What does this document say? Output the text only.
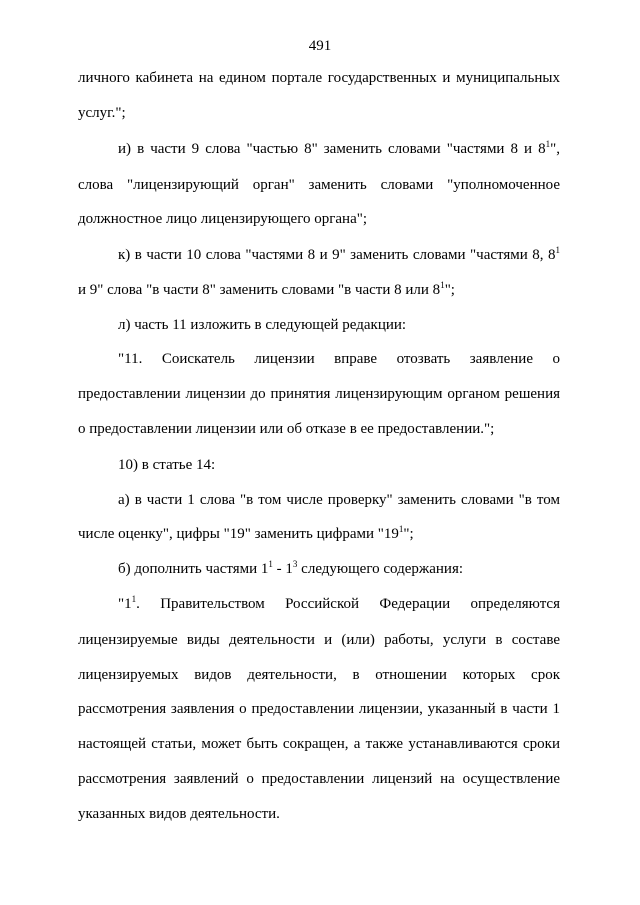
491
личного кабинета на едином портале государственных и муниципальных
услуг.";
и) в части 9 слова "частью 8" заменить словами "частями 8 и $8^1$",
слова "лицензирующий орган" заменить словами "уполномоченное
должностное лицо лицензирующего органа";
к) в части 10 слова "частями 8 и 9" заменить словами "частями 8, $8^1$
и 9" слова "в части 8" заменить словами "в части 8 или $8^1$";
л) часть 11 изложить в следующей редакции:
"11. Соискатель лицензии вправе отозвать заявление о
предоставлении лицензии до принятия лицензирующим органом решения
о предоставлении лицензии или об отказе в ее предоставлении.";
10) в статье 14:
а) в части 1 слова "в том числе проверку" заменить словами "в том
числе оценку", цифры "19" заменить цифрами "$19^1$";
б) дополнить частями $1^1 - 1^3$ следующего содержания:
"$1^1$. Правительством Российской Федерации определяются
лицензируемые виды деятельности и (или) работы, услуги в составе
лицензируемых видов деятельности, в отношении которых срок
рассмотрения заявления о предоставлении лицензии, указанный в части 1
настоящей статьи, может быть сокращен, а также устанавливаются сроки
рассмотрения заявлений о предоставлении лицензий на осуществление
указанных видов деятельности.
